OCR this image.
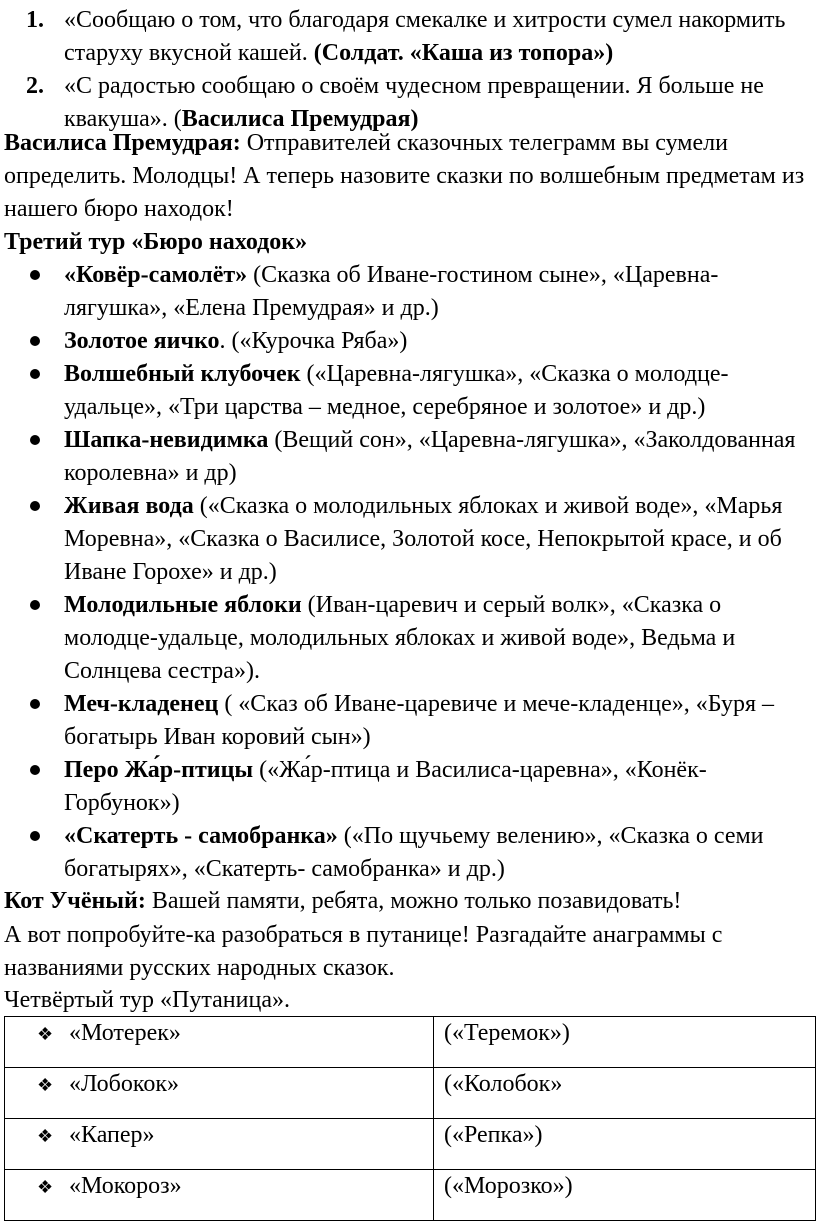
1. «Сообщаю о том, что благодаря смекалке и хитрости сумел накормить старуху вкусной кашей. (Солдат. «Каша из топора»)
2. «С радостью сообщаю о своём чудесном превращении. Я больше не квакуша». (Василиса Премудрая)
Василиса Премудрая: Отправителей сказочных телеграмм вы сумели определить. Молодцы! А теперь назовите сказки по волшебным предметам из нашего бюро находок!
Третий тур «Бюро находок»
«Ковёр-самолёт» (Сказка об Иване-гостином сыне», «Царевна-лягушка», «Елена Премудрая» и др.)
Золотое яичко. («Курочка Ряба»)
Волшебный клубочек («Царевна-лягушка», «Сказка о молодце-удальце», «Три царства – медное, серебряное и золотое» и др.)
Шапка-невидимка (Вещий сон», «Царевна-лягушка», «Заколдованная королевна» и др)
Живая вода («Сказка о молодильных яблоках и живой воде», «Марья Моревна», «Сказка о Василисе, Золотой косе, Непокрытой красе, и об Иване Горохе» и др.)
Молодильные яблоки (Иван-царевич и серый волк», «Сказка о молодце-удальце, молодильных яблоках и живой воде», Ведьма и Солнцева сестра»).
Меч-кладенец ( «Сказ об Иване-царевиче и мече-кладенце», «Буря – богатырь Иван коровий сын»)
Перо Жа́р-птицы («Жа́р-птица и Василиса-царевна», «Конёк-Горбунок»)
«Скатерть - самобранка» («По щучьему велению», «Сказка о семи богатырях», «Скатерть- самобранка» и др.)
Кот Учёный: Вашей памяти, ребята, можно только позавидовать!
А вот попробуйте-ка разобраться в путанице! Разгадайте анаграммы с названиями русских народных сказок.
Четвёртый тур «Путаница».
❖ «Мотерек»	(«Теремок»)
❖ «Лобокок»	(«Колобок»
❖ «Капер»	(«Репка»)
❖ «Мокороз»	(«Морозко»)
